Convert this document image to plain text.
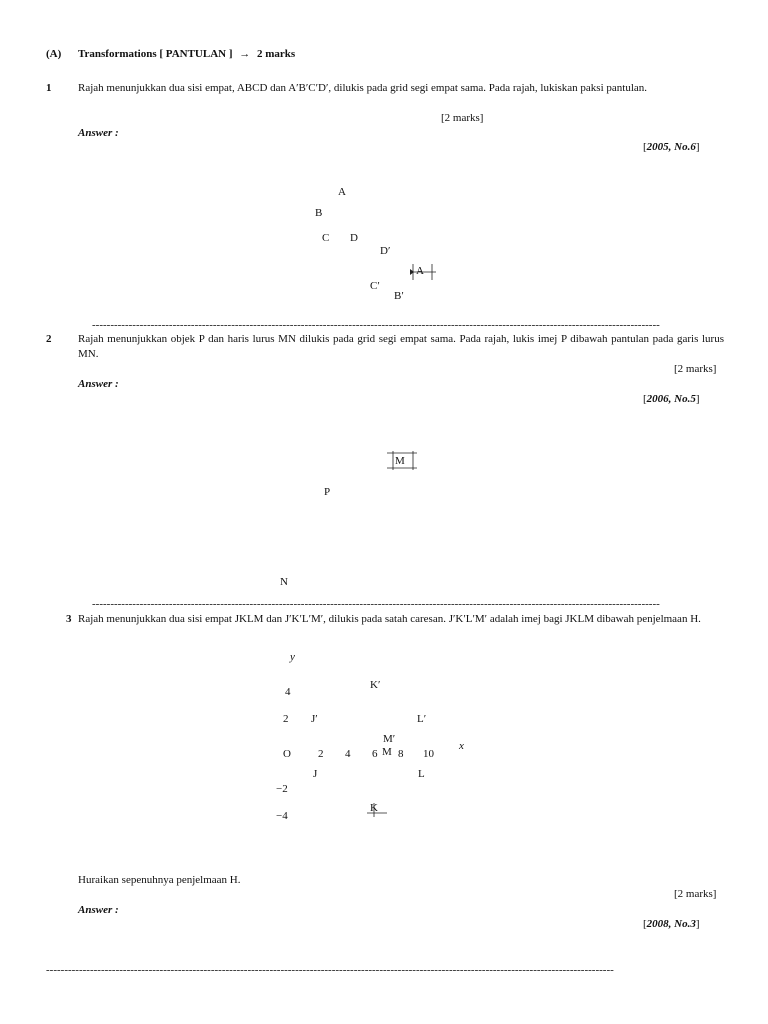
(A) Transformations [ PANTULAN ] → 2 marks
1 Rajah menunjukkan dua sisi empat, ABCD dan A′B′C′D′, dilukis pada grid segi empat sama. Pada rajah, lukiskan paksi pantulan.
[2 marks]
Answer :
[2005, No.6]
A
B
C D
D′
A
C′
B′
-----------------------------------------------------------------------------------------------------------------------------------------------------------
2 Rajah menunjukkan objek P dan haris lurus MN dilukis pada grid segi empat sama. Pada rajah, lukis imej P dibawah pantulan pada garis lurus MN.
[2 marks]
Answer :
[2006, No.5]
M
P
N
-----------------------------------------------------------------------------------------------------------------------------------------------------------
3 Rajah menunjukkan dua sisi empat JKLM dan J′K′L′M′, dilukis pada satah caresan. J′K′L′M′ adalah imej bagi JKLM dibawah penjelmaan H.
y
4
K′
2 J′	L′
M′
O 2 4 6 M 8 10
x
J	L
−2
K
−4
Huraikan sepenuhnya penjelmaan H.
[2 marks]
Answer :
[2008, No.3]
-----------------------------------------------------------------------------------------------------------------------------------------------------------
